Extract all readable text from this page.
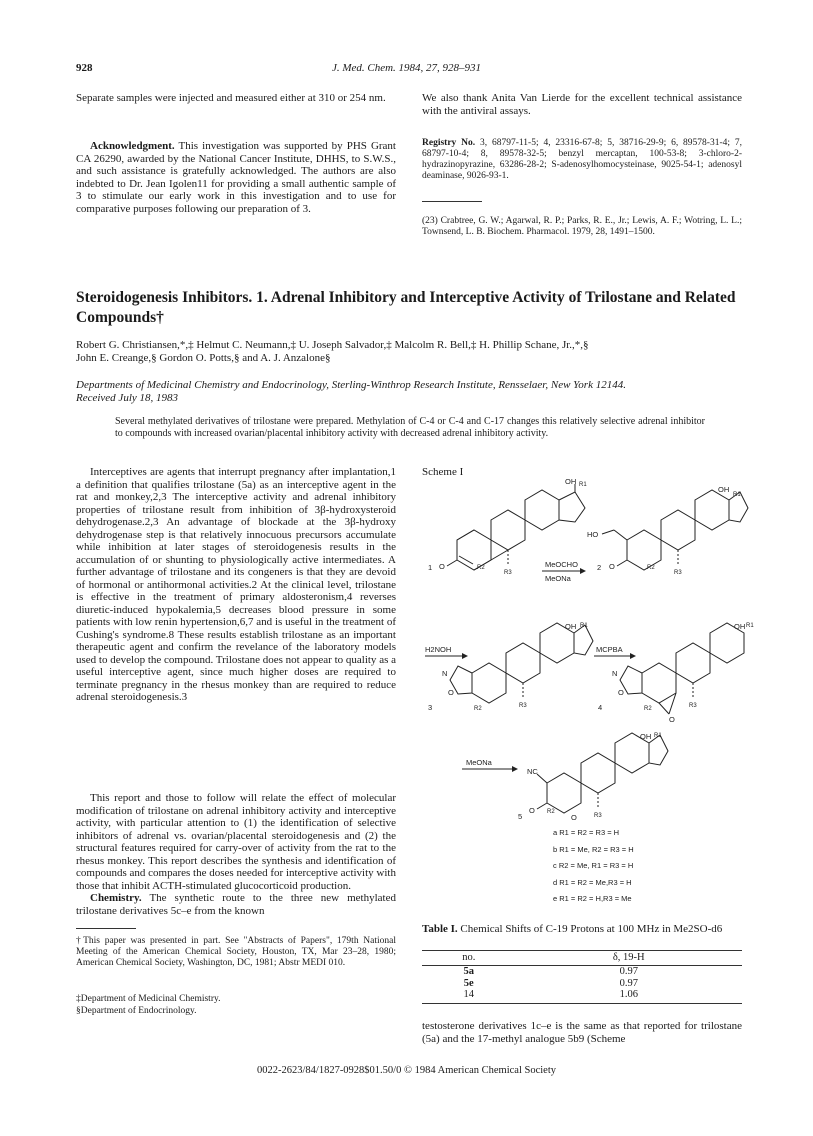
928	J. Med. Chem. 1984, 27, 928–931

Separate samples were injected and measured either at 310 or 254 nm.

Acknowledgment. This investigation was supported by PHS Grant CA 26290, awarded by the National Cancer Institute, DHHS, to S.W.S., and such assistance is gratefully acknowledged. The authors are also indebted to Dr. Jean Igolen11 for providing a small authentic sample of 3 to stimulate our early work in this investigation and to use for comparative purposes following our preparation of 3.

We also thank Anita Van Lierde for the excellent technical assistance with the antiviral assays.

Registry No. 3, 68797-11-5; 4, 23316-67-8; 5, 38716-29-9; 6, 89578-31-4; 7, 68797-10-4; 8, 89578-32-5; benzyl mercaptan, 100-53-8; 3-chloro-2-hydrazinopyrazine, 63286-28-2; S-adenosylhomocysteinase, 9025-54-1; adenosyl deaminase, 9026-93-1.

(23) Crabtree, G. W.; Agarwal, R. P.; Parks, R. E., Jr.; Lewis, A. F.; Wotring, L. L.; Townsend, L. B. Biochem. Pharmacol. 1979, 28, 1491–1500.

Steroidogenesis Inhibitors. 1. Adrenal Inhibitory and Interceptive Activity of Trilostane and Related Compounds†

Robert G. Christiansen,*,‡ Helmut C. Neumann,‡ U. Joseph Salvador,‡ Malcolm R. Bell,‡ H. Phillip Schane, Jr.,*,§
John E. Creange,§ Gordon O. Potts,§ and A. J. Anzalone§

Departments of Medicinal Chemistry and Endocrinology, Sterling-Winthrop Research Institute, Rensselaer, New York 12144.
Received July 18, 1983

Several methylated derivatives of trilostane were prepared. Methylation of C-4 or C-4 and C-17 changes this relatively selective adrenal inhibitor to compounds with increased ovarian/placental inhibitory activity with decreased adrenal inhibitory activity.

Interceptives are agents that interrupt pregnancy after implantation,1 a definition that qualifies trilostane (5a) as an interceptive agent in the rat and monkey,2,3 The interceptive activity and adrenal inhibitory properties of trilostane result from inhibition of 3β-hydroxysteroid dehydrogenase.2,3 An advantage of blockade at the 3β-hydroxy dehydrogenase step is that relatively innocuous precursors accumulate while inhibition at later stages of steroidogenesis results in the accumulation of or shunting to physiologically active intermediates. A further advantage of trilostane and its congeners is that they are devoid of hormonal or antihormonal activities.2 At the clinical level, trilostane is effective in the treatment of primary aldosteronism,4 reverses diuretic-induced hypokalemia,5 decreases blood pressure in some patients with low renin hypertension,6,7 and is useful in the treatment of Cushing's syndrome.8 These results establish trilostane as an important therapeutic agent and confirm the revelance of the laboratory models used to develop the compound. Trilostane does not appear to quality as a useful interceptive agent, since much higher doses are required to terminate pregnancy in the rhesus monkey than are required to reduce adrenal steroidogenesis.3

This report and those to follow will relate the effect of molecular modification of trilostane on adrenal inhibitory activity and interceptive activity, with particular attention to (1) the identification of selective inhibitors of adrenal vs. ovarian/placental steroidogenesis and (2) the structural features required for carry-over of activity from the rat to the rhesus monkey. This report describes the synthesis and identification of compounds and compares the doses needed for interceptive activity with those that inhibit ACTH-stimulated glucocorticoid production.

Chemistry. The synthetic route to the three new methylated trilostane derivatives 5c–e from the known

†This paper was presented in part. See "Abstracts of Papers", 179th National Meeting of the American Chemical Society, Houston, TX, Mar 23–28, 1980; American Chemical Society, Washington, DC, 1981; Abstr MEDI 010.

‡Department of Medicinal Chemistry.

§Department of Endocrinology.

Scheme I
MeOCHO
MeONa
H2NOH	MCPBA
MeONa
1	2
3	4
5
OH R1
O	R2
R3
OH
R1
HO
O	R2
R3
OH R1
N
O
R2	R3
OH R1
N
O
R2
O
R3
OH R1
NC
O R2
O	R3
a R1 = R2 = R3 = H
b R1 = Me, R2 = R3 = H
c R2 = Me, R1 = R3 = H
d R1 = R2 = Me,R3 = H
e R1 = R2 = H,R3 = Me

Table I. Chemical Shifts of C-19 Protons at 100 MHz in Me2SO-d6

no.	δ, 19-H
5a	0.97
5e	0.97
14	1.06

testosterone derivatives 1c–e is the same as that reported for trilostane (5a) and the 17-methyl analogue 5b9 (Scheme

0022-2623/84/1827-0928$01.50/0 © 1984 American Chemical Society
